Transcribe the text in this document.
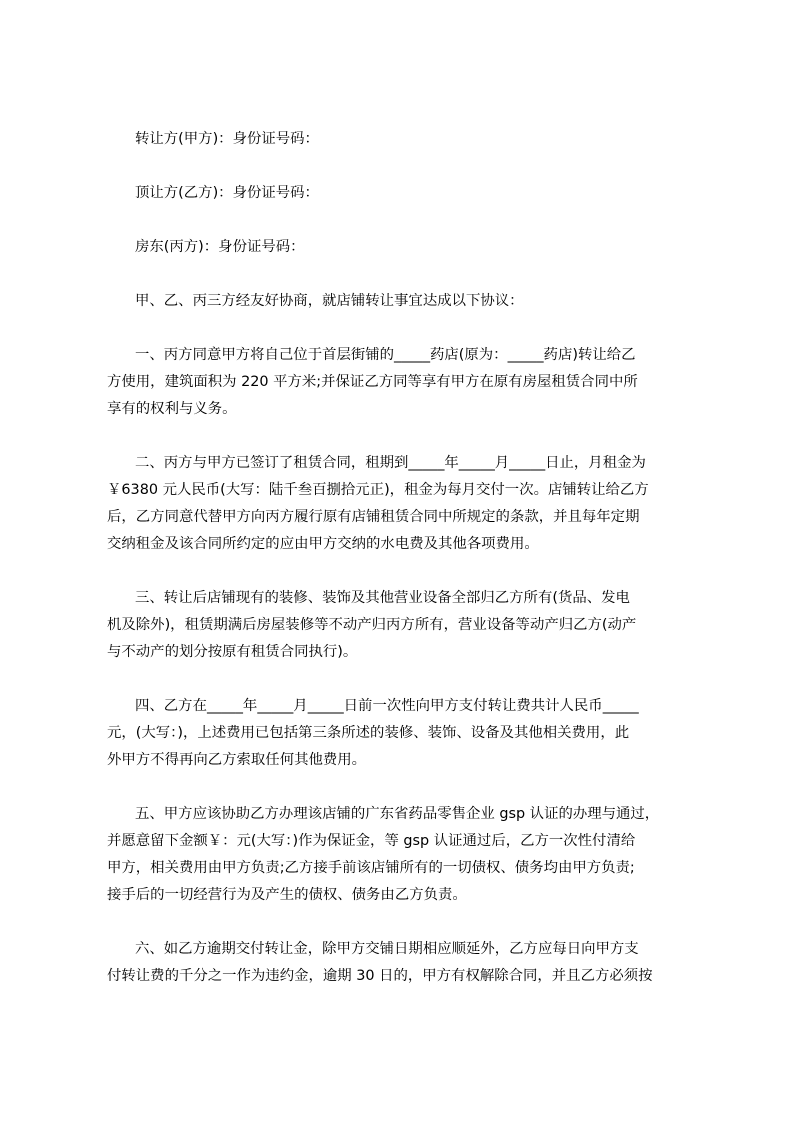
转让方(甲方)：身份证号码：
顶让方(乙方)：身份证号码：
房东(丙方)：身份证号码：
甲、乙、丙三方经友好协商，就店铺转让事宜达成以下协议：
一、丙方同意甲方将自己位于首层街铺的_____药店(原为：_____药店)转让给乙
方使用，建筑面积为 220 平方米;并保证乙方同等享有甲方在原有房屋租赁合同中所
享有的权利与义务。
二、丙方与甲方已签订了租赁合同，租期到_____年_____月_____日止，月租金为
￥6380 元人民币(大写：陆千叁百捌拾元正)，租金为每月交付一次。店铺转让给乙方
后，乙方同意代替甲方向丙方履行原有店铺租赁合同中所规定的条款，并且每年定期
交纳租金及该合同所约定的应由甲方交纳的水电费及其他各项费用。
三、转让后店铺现有的装修、装饰及其他营业设备全部归乙方所有(货品、发电
机及除外)，租赁期满后房屋装修等不动产归丙方所有，营业设备等动产归乙方(动产
与不动产的划分按原有租赁合同执行)。
四、乙方在_____年_____月_____日前一次性向甲方支付转让费共计人民币_____
元，(大写：)，上述费用已包括第三条所述的装修、装饰、设备及其他相关费用，此
外甲方不得再向乙方索取任何其他费用。
五、甲方应该协助乙方办理该店铺的广东省药品零售企业 gsp 认证的办理与通过，
并愿意留下金额￥：元(大写：)作为保证金，等 gsp 认证通过后，乙方一次性付清给
甲方，相关费用由甲方负责;乙方接手前该店铺所有的一切债权、债务均由甲方负责;
接手后的一切经营行为及产生的债权、债务由乙方负责。
六、如乙方逾期交付转让金，除甲方交铺日期相应顺延外，乙方应每日向甲方支
付转让费的千分之一作为违约金，逾期 30 日的，甲方有权解除合同，并且乙方必须按
